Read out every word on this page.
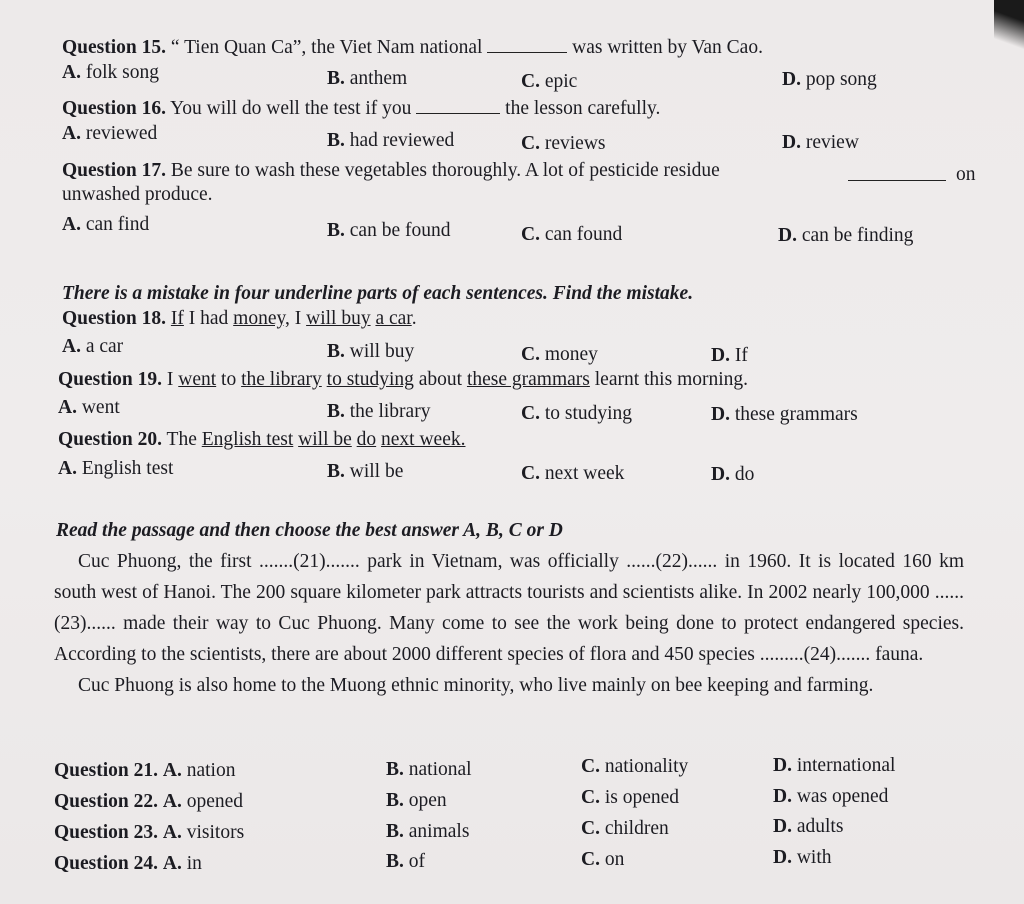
Question 15. “ Tien Quan Ca”, the Viet Nam national	was written by Van Cao.
A. folk song	B. anthem	C. epic	D. pop song
Question 16. You will do well the test if you	the lesson carefully.
A. reviewed	B. had reviewed	C. reviews	D. review
Question 17. Be sure to wash these vegetables thoroughly. A lot of pesticide residue	on
unwashed produce.
A. can find	B. can be found	C. can found	D. can be finding
There is a mistake in four underline parts of each sentences. Find the mistake.
Question 18. If I had money, I will buy a car.
A. a car	B. will buy	C. money	D. If
Question 19. I went to the library to studying about these grammars learnt this morning.
A. went	B. the library	C. to studying	D. these grammars
Question 20. The English test will be do next week.
A. English test	B. will be	C. next week	D. do
Read the passage and then choose the best answer A, B, C or D

Cuc Phuong, the first .......(21)....... park in Vietnam, was officially ......(22)...... in 1960. It is located 160 km south west of Hanoi. The 200 square kilometer park attracts tourists and scientists alike. In 2002 nearly 100,000 ......(23)...... made their way to Cuc Phuong. Many come to see the work being done to protect endangered species. According to the scientists, there are about 2000 different species of flora and 450 species .........(24)....... fauna.

Cuc Phuong is also home to the Muong ethnic minority, who live mainly on bee keeping and farming.

Question 21. A. nation	B. national	C. nationality	D. international
Question 22. A. opened	B. open	C. is opened	D. was opened
Question 23. A. visitors	B. animals	C. children	D. adults
Question 24. A. in	B. of	C. on	D. with
